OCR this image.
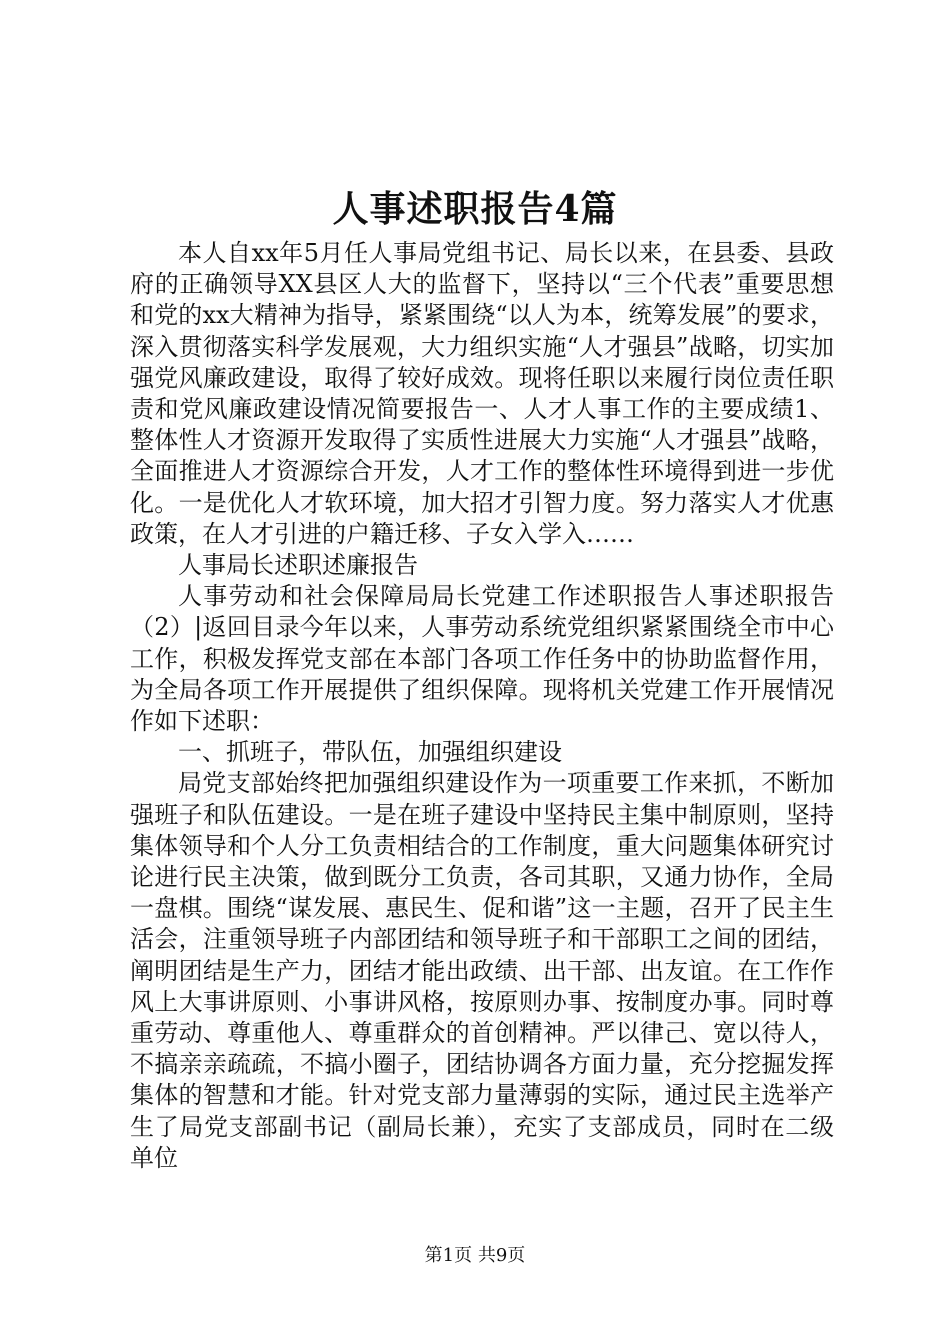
人事述职报告4篇

本人自xx年5月任人事局党组书记、局长以来，在县委、县政府的正确领导XX县区人大的监督下，坚持以“三个代表”重要思想和党的xx大精神为指导，紧紧围绕“以人为本，统筹发展”的要求，深入贯彻落实科学发展观，大力组织实施“人才强县”战略，切实加强党风廉政建设，取得了较好成效。现将任职以来履行岗位责任职责和党风廉政建设情况简要报告一、人才人事工作的主要成绩1、整体性人才资源开发取得了实质性进展大力实施“人才强县”战略，全面推进人才资源综合开发，人才工作的整体性环境得到进一步优化。一是优化人才软环境，加大招才引智力度。努力落实人才优惠政策，在人才引进的户籍迁移、子女入学入……

人事局长述职述廉报告

人事劳动和社会保障局局长党建工作述职报告人事述职报告（2）|返回目录今年以来，人事劳动系统党组织紧紧围绕全市中心工作，积极发挥党支部在本部门各项工作任务中的协助监督作用，为全局各项工作开展提供了组织保障。现将机关党建工作开展情况作如下述职：

一、抓班子，带队伍，加强组织建设

局党支部始终把加强组织建设作为一项重要工作来抓，不断加强班子和队伍建设。一是在班子建设中坚持民主集中制原则，坚持集体领导和个人分工负责相结合的工作制度，重大问题集体研究讨论进行民主决策，做到既分工负责，各司其职，又通力协作，全局一盘棋。围绕“谋发展、惠民生、促和谐”这一主题，召开了民主生活会，注重领导班子内部团结和领导班子和干部职工之间的团结，阐明团结是生产力，团结才能出政绩、出干部、出友谊。在工作作风上大事讲原则、小事讲风格，按原则办事、按制度办事。同时尊重劳动、尊重他人、尊重群众的首创精神。严以律己、宽以待人，不搞亲亲疏疏，不搞小圈子，团结协调各方面力量，充分挖掘发挥集体的智慧和才能。针对党支部力量薄弱的实际，通过民主选举产生了局党支部副书记（副局长兼），充实了支部成员，同时在二级单位

第1页 共9页
